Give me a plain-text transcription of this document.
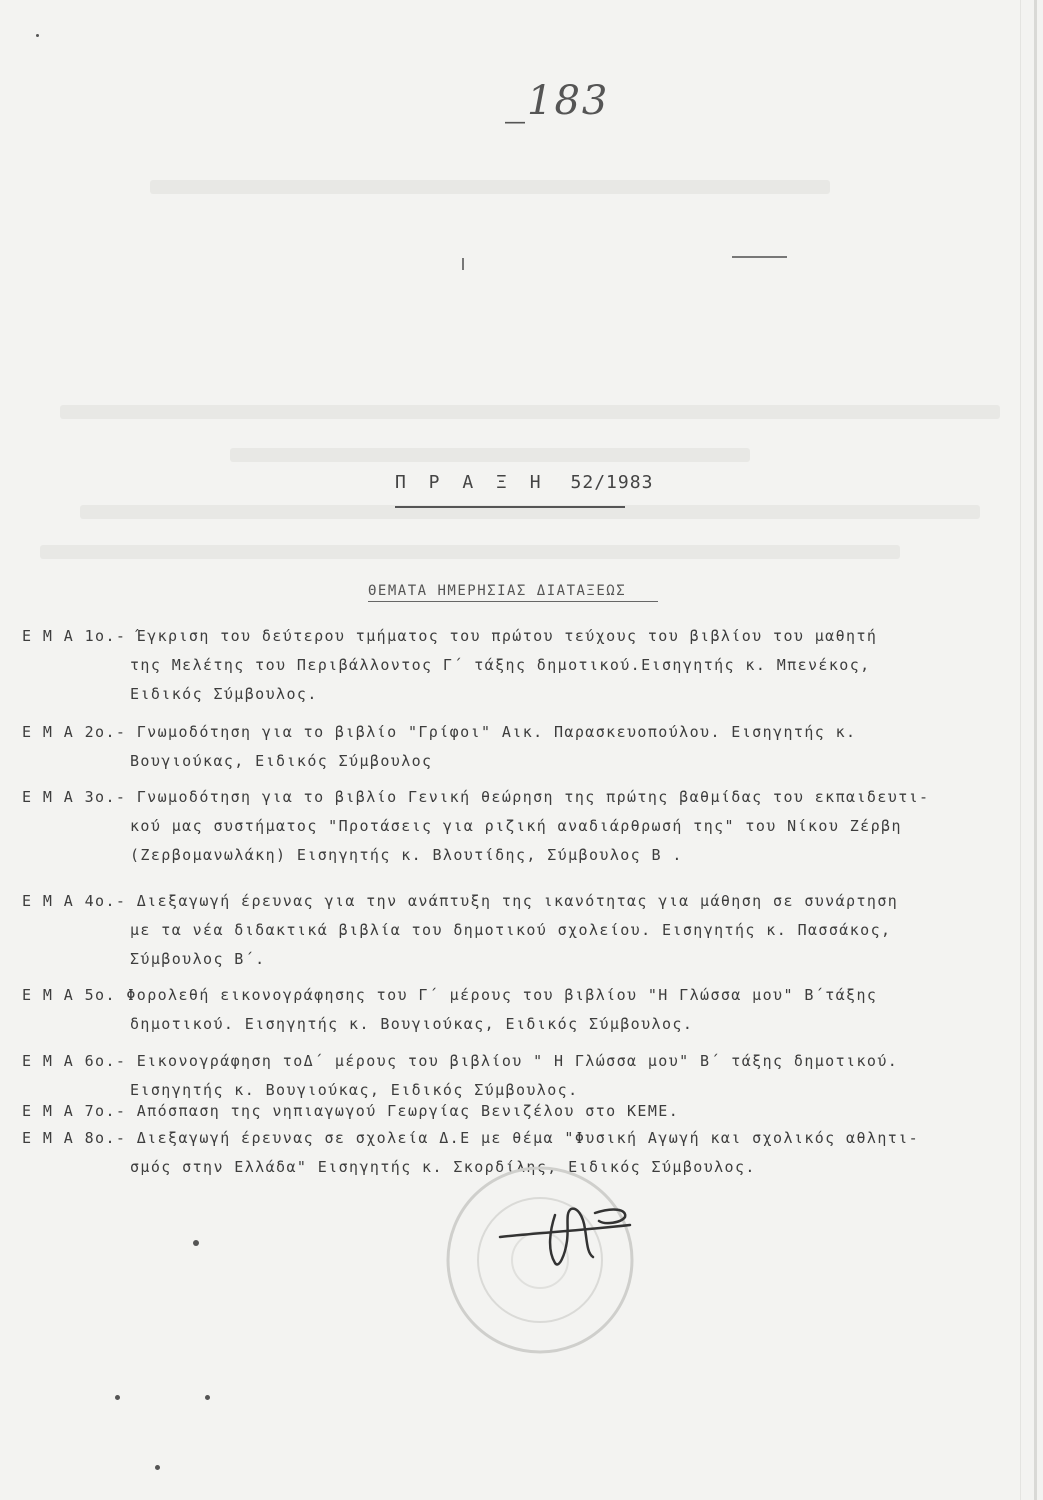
_183
Π Ρ Α Ξ Η 52/1983
ΘΕΜΑΤΑ ΗΜΕΡΗΣΙΑΣ ΔΙΑΤΑΞΕΩΣ
Ε Μ Α 1ο.- Έγκριση του δεύτερου τμήματος του πρώτου τεύχους του βιβλίου του μαθητή
της Μελέτης του Περιβάλλοντος Γ΄ τάξης δημοτικού.Εισηγητής κ. Μπενέκος,
Ειδικός Σύμβουλος.
Ε Μ Α 2ο.- Γνωμοδότηση για το βιβλίο "Γρίφοι" Αικ. Παρασκευοπούλου. Εισηγητής κ.
Βουγιούκας, Ειδικός Σύμβουλος
Ε Μ Α 3ο.- Γνωμοδότηση για το βιβλίο Γενική θεώρηση της πρώτης βαθμίδας του εκπαιδευτι-
κού μας συστήματος "Προτάσεις για ριζική αναδιάρθρωσή της" του Νίκου Ζέρβη
(Ζερβομανωλάκη) Εισηγητής κ. Βλουτίδης, Σύμβουλος Β .
Ε Μ Α 4ο.- Διεξαγωγή έρευνας για την ανάπτυξη της ικανότητας για μάθηση σε συνάρτηση
με τα νέα διδακτικά βιβλία του δημοτικού σχολείου. Εισηγητής κ. Πασσάκος,
Σύμβουλος Β΄.
Ε Μ Α 5ο. Φορολεθή εικονογράφησης του Γ΄ μέρους του βιβλίου "Η Γλώσσα μου" Β΄τάξης
δημοτικού. Εισηγητής κ. Βουγιούκας, Ειδικός Σύμβουλος.
Ε Μ Α 6ο.- Εικονογράφηση τοΔ΄ μέρους του βιβλίου " Η Γλώσσα μου" Β΄ τάξης δημοτικού.
Εισηγητής κ. Βουγιούκας, Ειδικός Σύμβουλος.
Ε Μ Α 7ο.- Απόσπαση της νηπιαγωγού Γεωργίας Βενιζέλου στο ΚΕΜΕ.
Ε Μ Α 8ο.- Διεξαγωγή έρευνας σε σχολεία Δ.Ε με θέμα "Φυσική Αγωγή και σχολικός αθλητι-
σμός στην Ελλάδα" Εισηγητής κ. Σκορδίλης, Ειδικός Σύμβουλος.
